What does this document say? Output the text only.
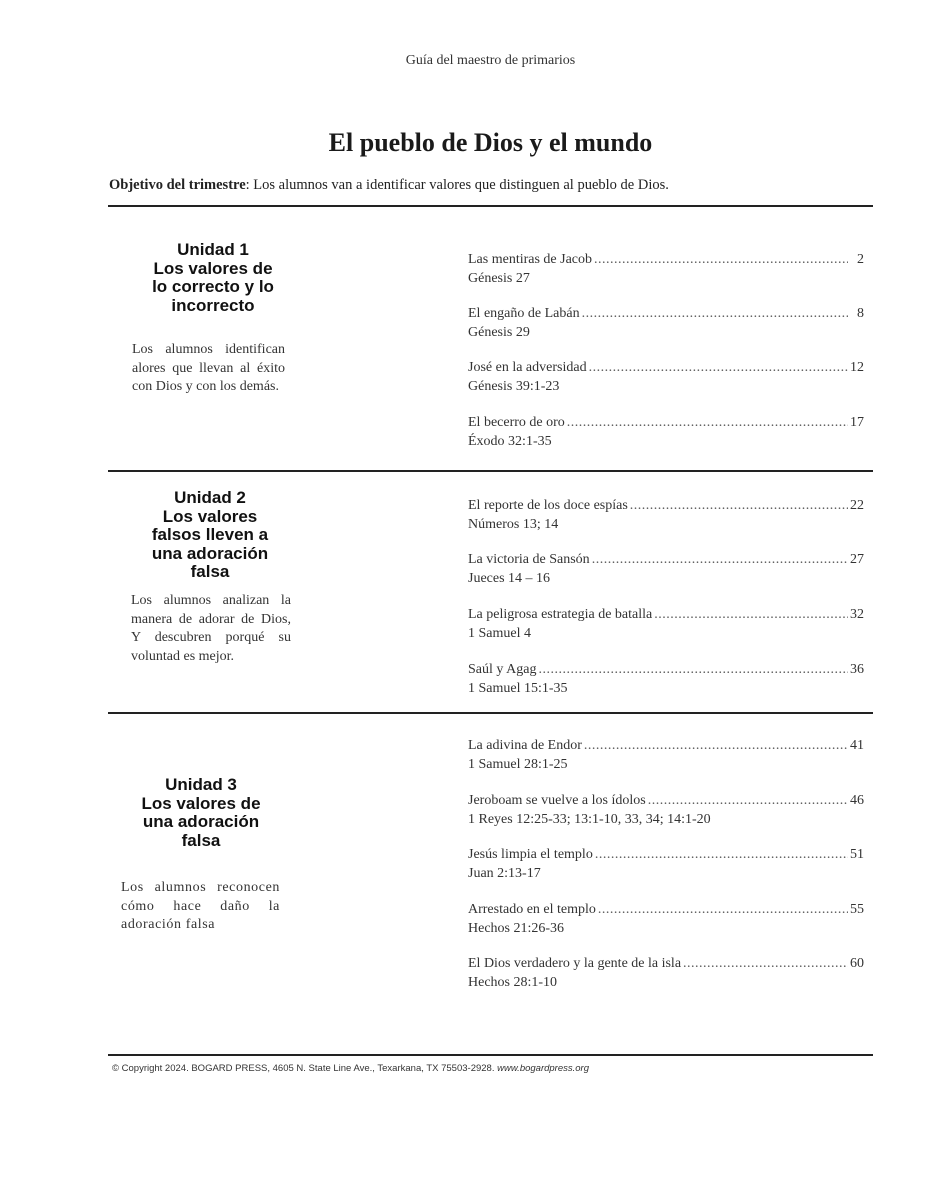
Guía del maestro de primarios
El pueblo de Dios y el mundo
Objetivo del trimestre: Los alumnos van a identificar valores que distinguen al pueblo de Dios.
Unidad 1
Los valores de
lo correcto y lo
incorrecto
Los alumnos identifican alores que llevan al éxito con Dios y con los demás.
Las mentiras de Jacob .....	2
Génesis 27
El engaño de Labán .....	8
Génesis 29
José en la adversidad .....	12
Génesis 39:1-23
El becerro de oro .....	17
Éxodo 32:1-35
Unidad 2
Los valores
falsos lleven a
una adoración
falsa
Los alumnos analizan la manera de adorar de Dios, Y descubren porqué su voluntad es mejor.
El reporte de los doce espías .....	22
Números 13; 14
La victoria de Sansón .....	27
Jueces 14 – 16
La peligrosa estrategia de batalla .....	32
1 Samuel 4
Saúl y Agag .....	36
1 Samuel 15:1-35
Unidad 3
Los valores de
una adoración
falsa
Los alumnos reconocen cómo hace daño la adoración falsa
La adivina de Endor .....	41
1 Samuel 28:1-25
Jeroboam se vuelve a los ídolos .....	46
1 Reyes 12:25-33; 13:1-10, 33, 34; 14:1-20
Jesús limpia el templo .....	51
Juan 2:13-17
Arrestado en el templo .....	55
Hechos 21:26-36
El Dios verdadero y la gente de la isla .....	60
Hechos 28:1-10
© Copyright 2024. BOGARD PRESS, 4605 N. State Line Ave., Texarkana, TX 75503-2928. www.bogardpress.org
